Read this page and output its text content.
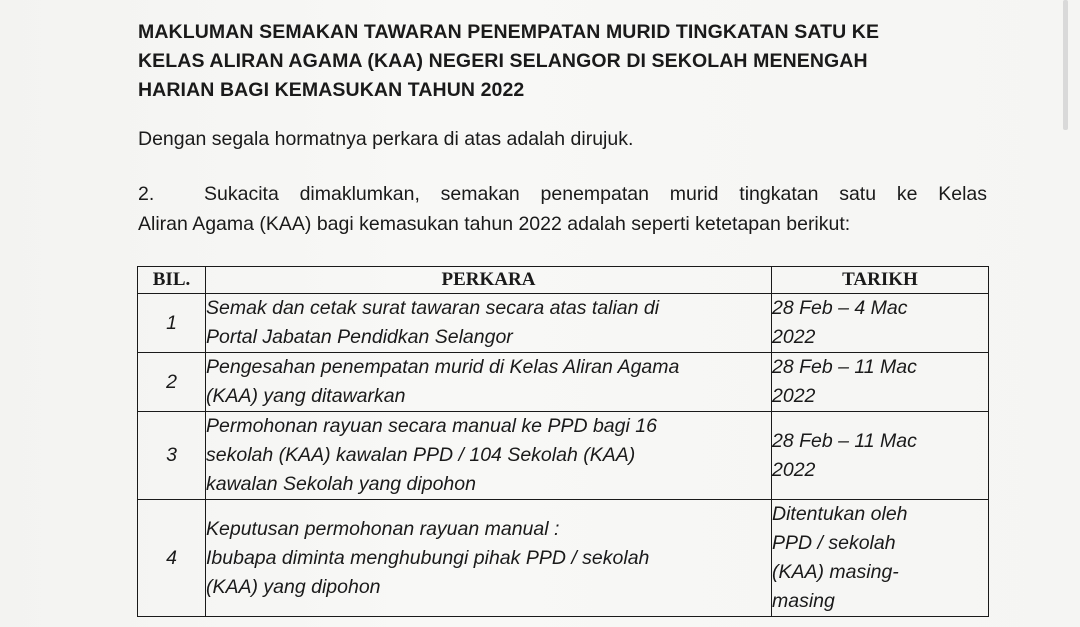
MAKLUMAN SEMAKAN TAWARAN PENEMPATAN MURID TINGKATAN SATU KE
KELAS ALIRAN AGAMA (KAA) NEGERI SELANGOR DI SEKOLAH MENENGAH
HARIAN BAGI KEMASUKAN TAHUN 2022

Dengan segala hormatnya perkara di atas adalah dirujuk.

2.	Sukacita dimaklumkan, semakan penempatan murid tingkatan satu ke Kelas

Aliran Agama (KAA) bagi kemasukan tahun 2022 adalah seperti ketetapan berikut:

BIL.	PERKARA	TARIKH
1	Semak dan cetak surat tawaran secara atas talian di
Portal Jabatan Pendidkan Selangor	28 Feb – 4 Mac
2022

2	Pengesahan penempatan murid di Kelas Aliran Agama
(KAA) yang ditawarkan	28 Feb – 11 Mac
2022

3	Permohonan rayuan secara manual ke PPD bagi 16
sekolah (KAA) kawalan PPD / 104 Sekolah (KAA)
kawalan Sekolah yang dipohon	28 Feb – 11 Mac
2022

4	Keputusan permohonan rayuan manual :
Ibubapa diminta menghubungi pihak PPD / sekolah
(KAA) yang dipohon	Ditentukan oleh
PPD / sekolah
(KAA) masing-
masing
